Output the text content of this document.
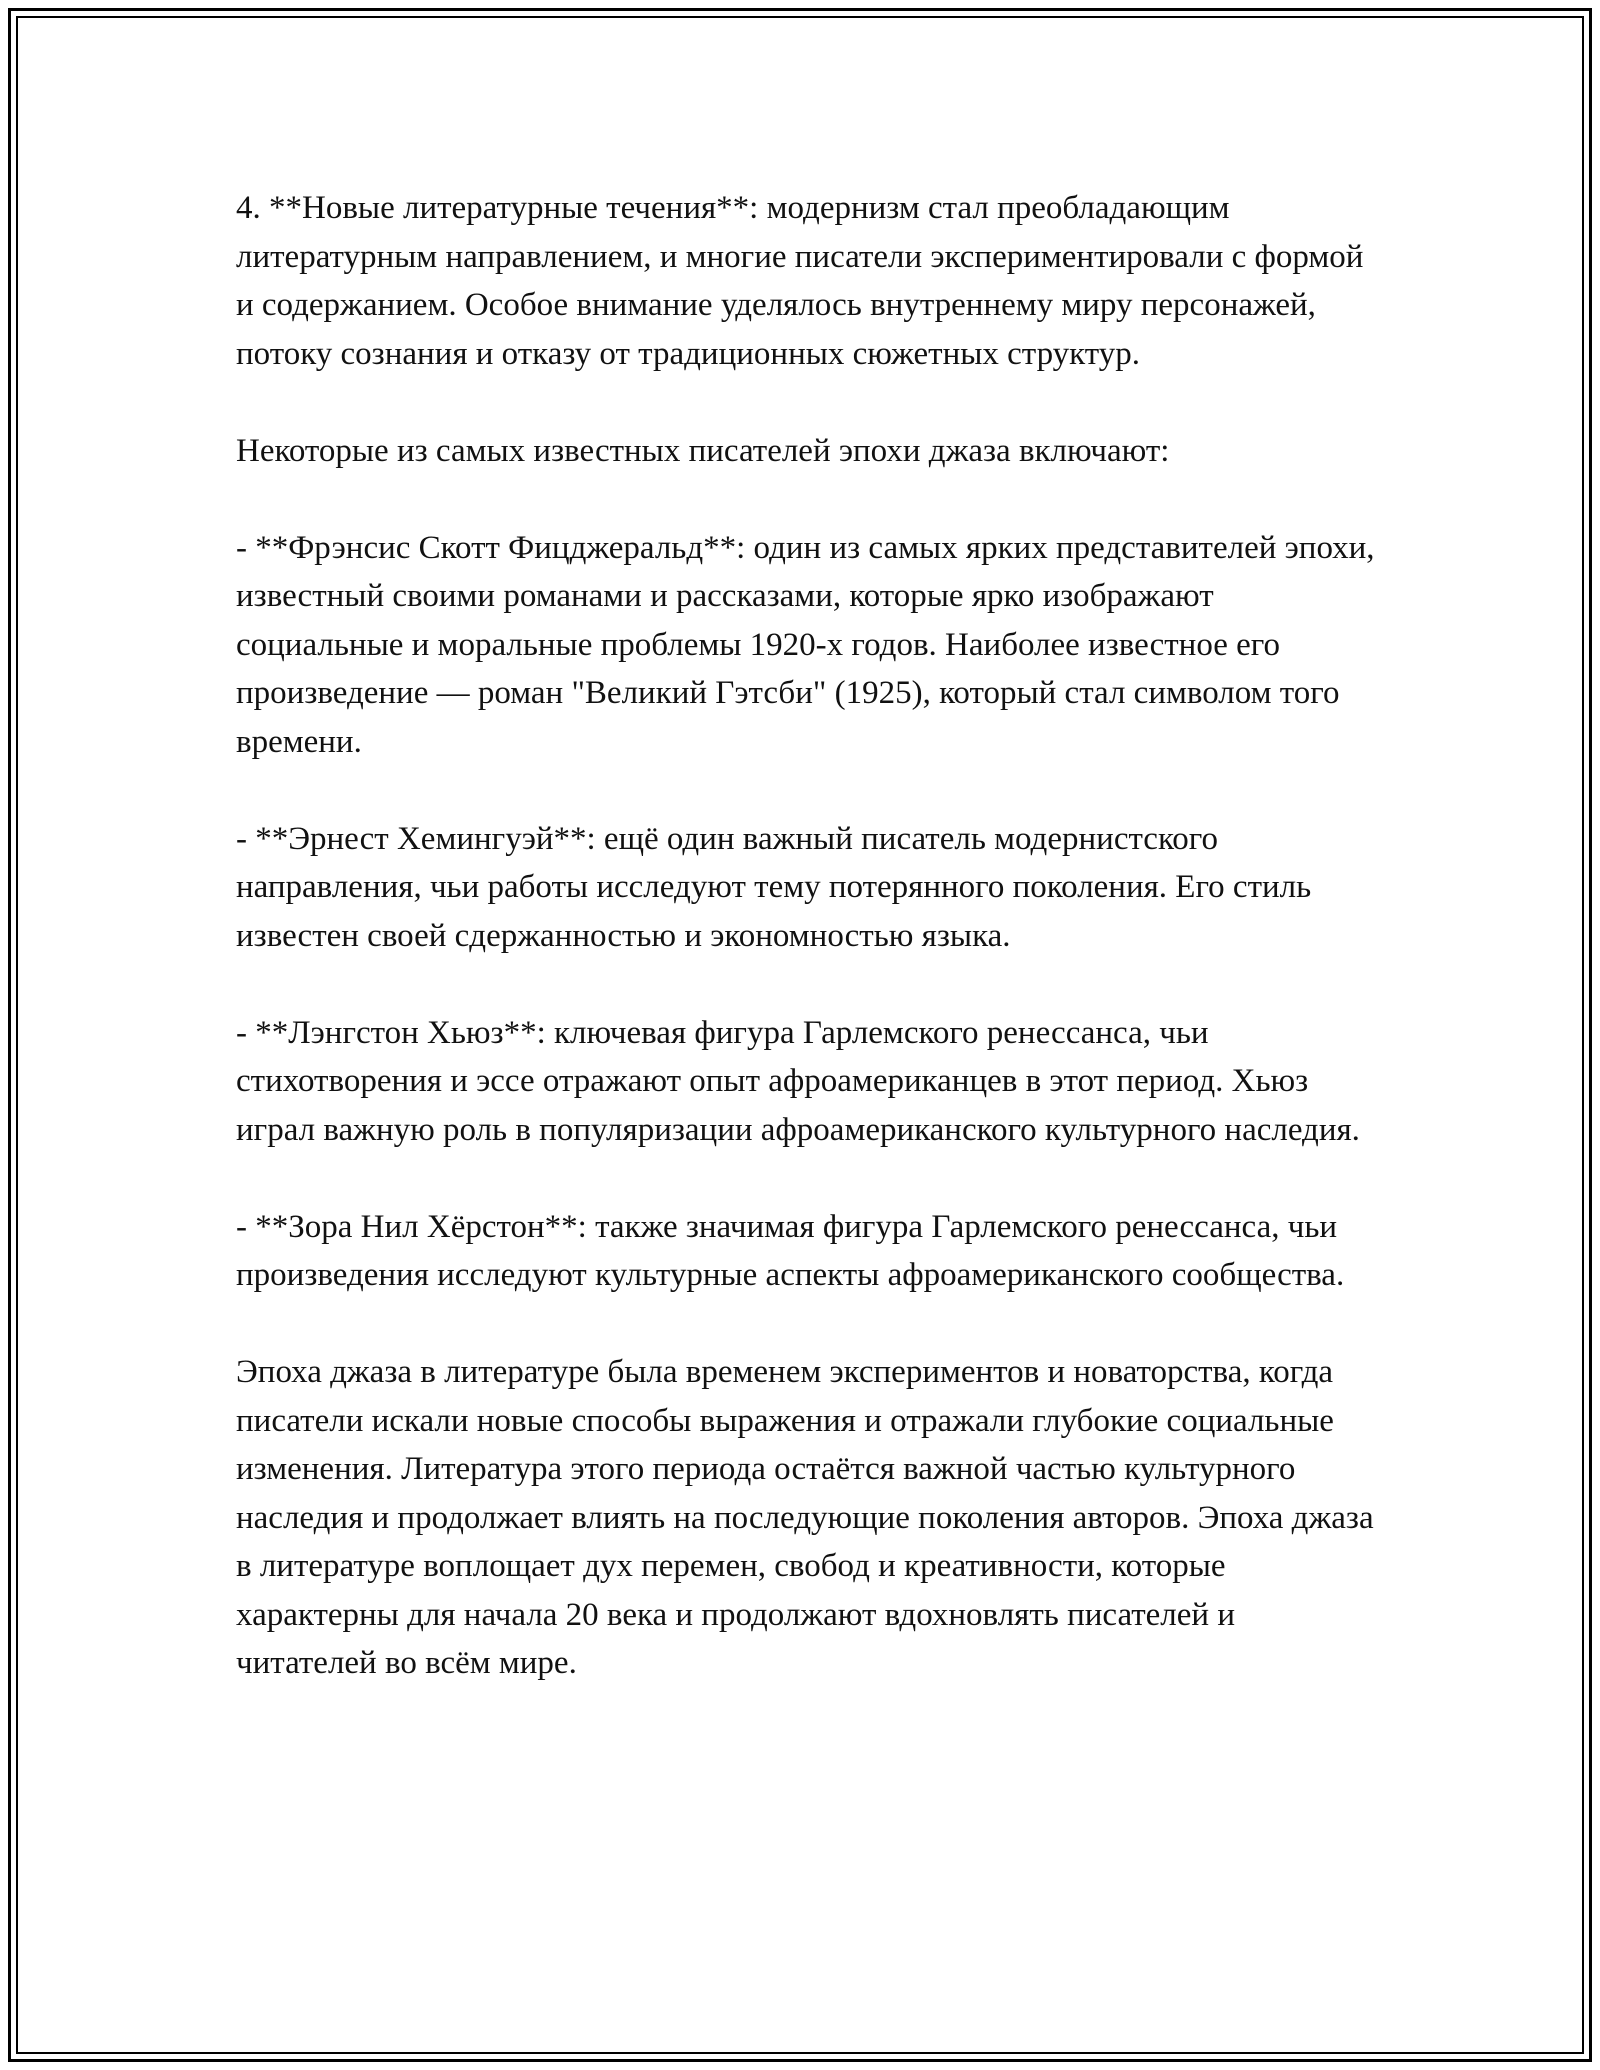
4. **Новые литературные течения**: модернизм стал преобладающим литературным направлением, и многие писатели экспериментировали с формой и содержанием. Особое внимание уделялось внутреннему миру персонажей, потоку сознания и отказу от традиционных сюжетных структур.

Некоторые из самых известных писателей эпохи джаза включают:

- **Фрэнсис Скотт Фицджеральд**: один из самых ярких представителей эпохи, известный своими романами и рассказами, которые ярко изображают социальные и моральные проблемы 1920-х годов. Наиболее известное его произведение — роман "Великий Гэтсби" (1925), который стал символом того времени.

- **Эрнест Хемингуэй**: ещё один важный писатель модернистского направления, чьи работы исследуют тему потерянного поколения. Его стиль известен своей сдержанностью и экономностью языка.

- **Лэнгстон Хьюз**: ключевая фигура Гарлемского ренессанса, чьи стихотворения и эссе отражают опыт афроамериканцев в этот период. Хьюз играл важную роль в популяризации афроамериканского культурного наследия.

- **Зора Нил Хёрстон**: также значимая фигура Гарлемского ренессанса, чьи произведения исследуют культурные аспекты афроамериканского сообщества.

Эпоха джаза в литературе была временем экспериментов и новаторства, когда писатели искали новые способы выражения и отражали глубокие социальные изменения. Литература этого периода остаётся важной частью культурного наследия и продолжает влиять на последующие поколения авторов. Эпоха джаза в литературе воплощает дух перемен, свобод и креативности, которые характерны для начала 20 века и продолжают вдохновлять писателей и читателей во всём мире.
